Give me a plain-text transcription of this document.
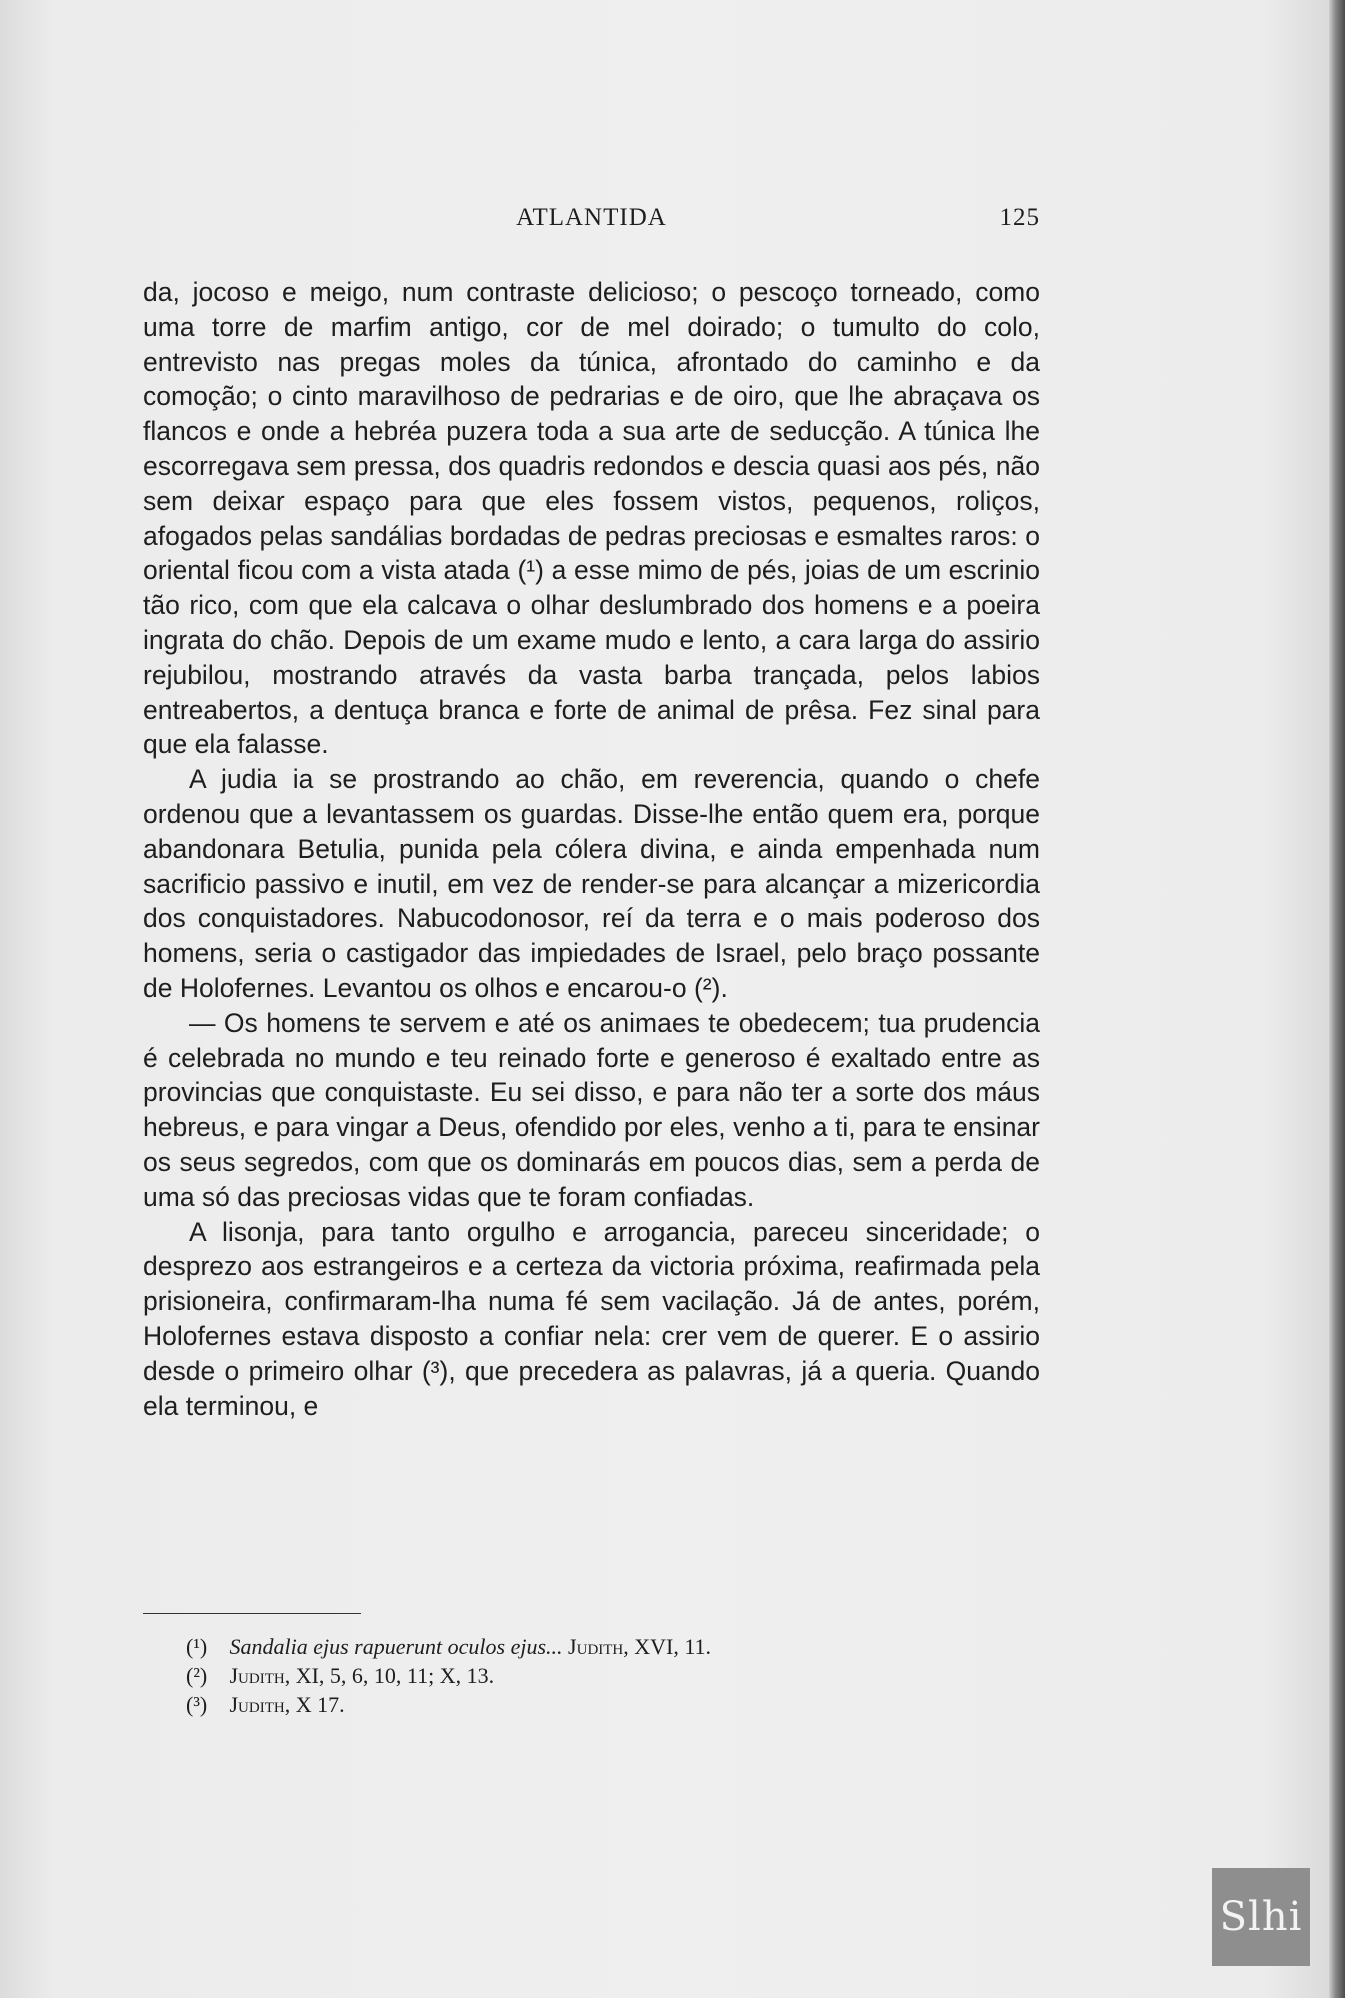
ATLANTIDA	125

da, jocoso e meigo, num contraste delicioso; o pescoço torneado, como uma torre de marfim antigo, cor de mel doirado; o tumulto do colo, entrevisto nas pregas moles da túnica, afrontado do caminho e da comoção; o cinto maravilhoso de pedrarias e de oiro, que lhe abraçava os flancos e onde a hebréa puzera toda a sua arte de seducção. A túnica lhe escorregava sem pressa, dos quadris redondos e descia quasi aos pés, não sem deixar espaço para que eles fossem vistos, pequenos, roliços, afogados pelas sandálias bordadas de pedras preciosas e esmaltes raros: o oriental ficou com a vista atada (¹) a esse mimo de pés, joias de um escrinio tão rico, com que ela calcava o olhar deslumbrado dos homens e a poeira ingrata do chão. Depois de um exame mudo e lento, a cara larga do assirio rejubilou, mostrando através da vasta barba trançada, pelos labios entreabertos, a dentuça branca e forte de animal de prêsa. Fez sinal para que ela falasse.

A judia ia se prostrando ao chão, em reverencia, quando o chefe ordenou que a levantassem os guardas. Disse-lhe então quem era, porque abandonara Betulia, punida pela cólera divina, e ainda empenhada num sacrificio passivo e inutil, em vez de render-se para alcançar a mizericordia dos conquistadores. Nabucodonosor, reí da terra e o mais poderoso dos homens, seria o castigador das impiedades de Israel, pelo braço possante de Holofernes. Levantou os olhos e encarou-o (²).

— Os homens te servem e até os animaes te obedecem; tua prudencia é celebrada no mundo e teu reinado forte e generoso é exaltado entre as provincias que conquistaste. Eu sei disso, e para não ter a sorte dos máus hebreus, e para vingar a Deus, ofendido por eles, venho a ti, para te ensinar os seus segredos, com que os dominarás em poucos dias, sem a perda de uma só das preciosas vidas que te foram confiadas.

A lisonja, para tanto orgulho e arrogancia, pareceu sinceridade; o desprezo aos estrangeiros e a certeza da victoria próxima, reafirmada pela prisioneira, confirmaram-lha numa fé sem vacilação. Já de antes, porém, Holofernes estava disposto a confiar nela: crer vem de querer. E o assirio desde o primeiro olhar (³), que precedera as palavras, já a queria. Quando ela terminou, e

(¹) Sandalia ejus rapuerunt oculos ejus... Judith, XVI, 11.
(²) Judith, XI, 5, 6, 10, 11; X, 13.
(³) Judith, X 17.
Slhi
